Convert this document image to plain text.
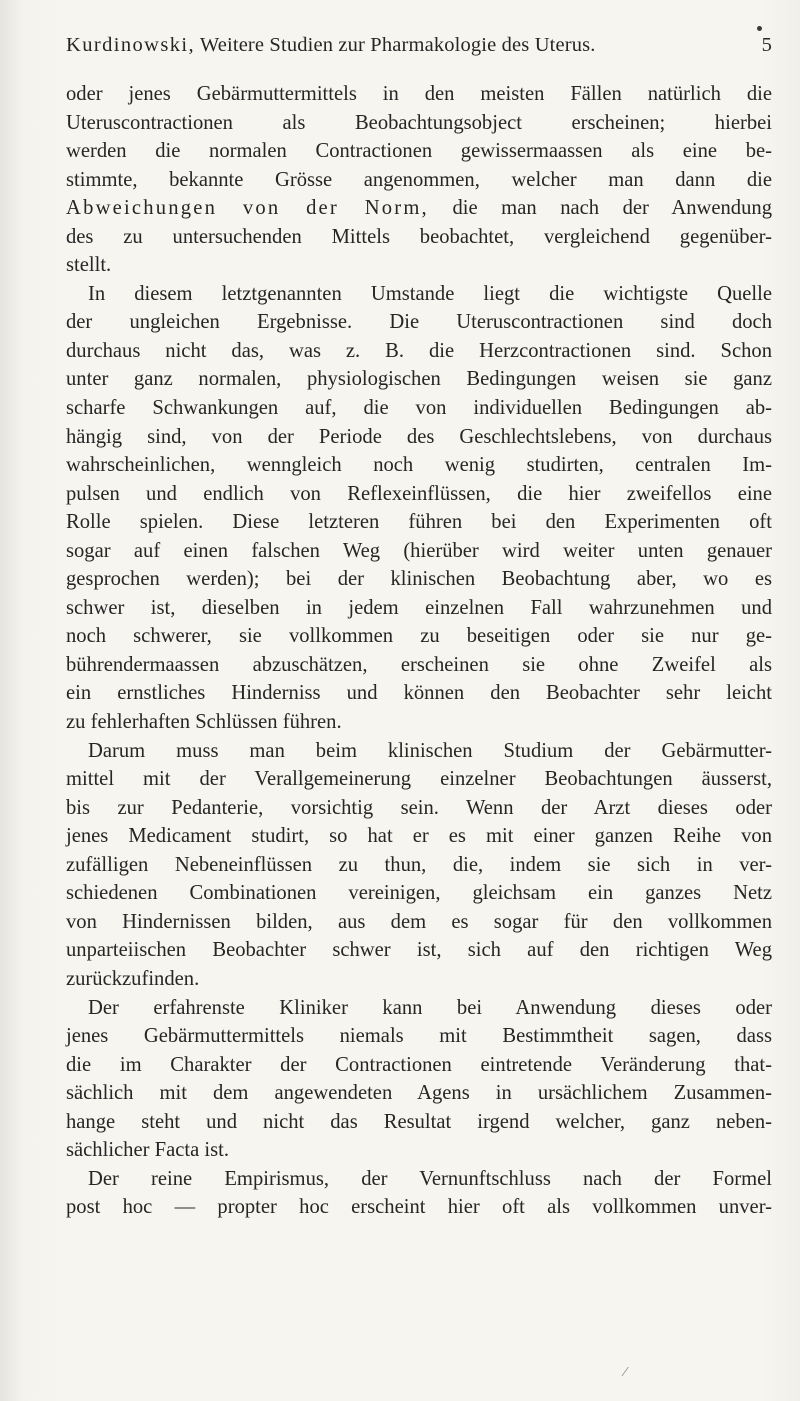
Kurdinowski, Weitere Studien zur Pharmakologie des Uterus.	5
oder jenes Gebärmuttermittels in den meisten Fällen natürlich die
Uteruscontractionen als Beobachtungsobject erscheinen; hierbei
werden die normalen Contractionen gewissermaassen als eine be-
stimmte, bekannte Grösse angenommen, welcher man dann die
Abweichungen von der Norm, die man nach der Anwendung
des zu untersuchenden Mittels beobachtet, vergleichend gegenüber-
stellt.
In diesem letztgenannten Umstande liegt die wichtigste Quelle
der ungleichen Ergebnisse. Die Uteruscontractionen sind doch
durchaus nicht das, was z. B. die Herzcontractionen sind. Schon
unter ganz normalen, physiologischen Bedingungen weisen sie ganz
scharfe Schwankungen auf, die von individuellen Bedingungen ab-
hängig sind, von der Periode des Geschlechtslebens, von durchaus
wahrscheinlichen, wenngleich noch wenig studirten, centralen Im-
pulsen und endlich von Reflexeinflüssen, die hier zweifellos eine
Rolle spielen. Diese letzteren führen bei den Experimenten oft
sogar auf einen falschen Weg (hierüber wird weiter unten genauer
gesprochen werden); bei der klinischen Beobachtung aber, wo es
schwer ist, dieselben in jedem einzelnen Fall wahrzunehmen und
noch schwerer, sie vollkommen zu beseitigen oder sie nur ge-
bührendermaassen abzuschätzen, erscheinen sie ohne Zweifel als
ein ernstliches Hinderniss und können den Beobachter sehr leicht
zu fehlerhaften Schlüssen führen.
Darum muss man beim klinischen Studium der Gebärmutter-
mittel mit der Verallgemeinerung einzelner Beobachtungen äusserst,
bis zur Pedanterie, vorsichtig sein. Wenn der Arzt dieses oder
jenes Medicament studirt, so hat er es mit einer ganzen Reihe von
zufälligen Nebeneinflüssen zu thun, die, indem sie sich in ver-
schiedenen Combinationen vereinigen, gleichsam ein ganzes Netz
von Hindernissen bilden, aus dem es sogar für den vollkommen
unparteiischen Beobachter schwer ist, sich auf den richtigen Weg
zurückzufinden.
Der erfahrenste Kliniker kann bei Anwendung dieses oder
jenes Gebärmuttermittels niemals mit Bestimmtheit sagen, dass
die im Charakter der Contractionen eintretende Veränderung that-
sächlich mit dem angewendeten Agens in ursächlichem Zusammen-
hange steht und nicht das Resultat irgend welcher, ganz neben-
sächlicher Facta ist.
Der reine Empirismus, der Vernunftschluss nach der Formel
post hoc — propter hoc erscheint hier oft als vollkommen unver-
⁄
